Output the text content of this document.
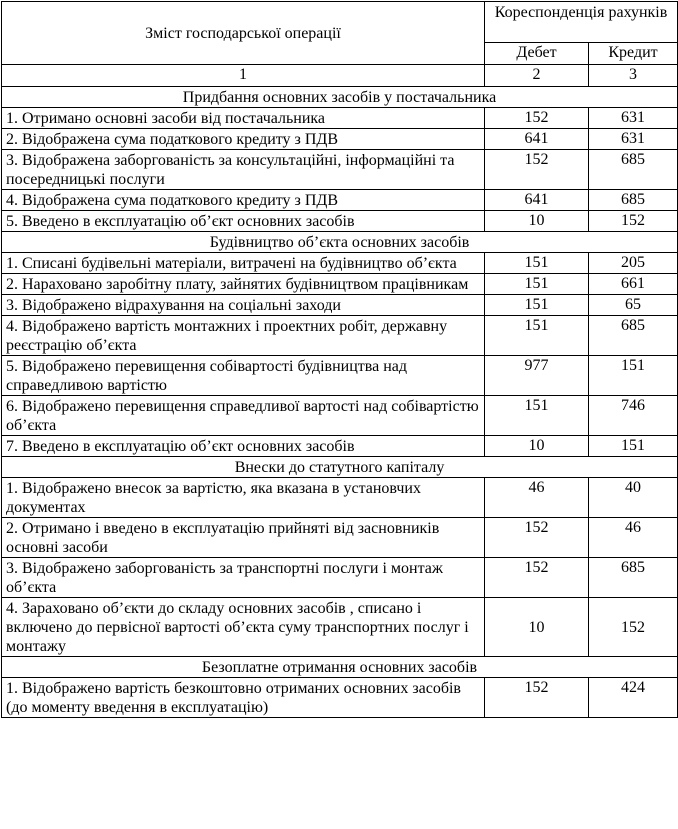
Зміст господарської операції	Кореспонденція рахунків	
	Дебет	Кредит
1	2	3
Придбання основних засобів у постачальника		
1. Отримано основні засоби від постачальника	152	631
2. Відображена сума податкового кредиту з ПДВ	641	631
3. Відображена заборгованість за консультаційні, інформаційні та посередницькі послуги	152	685
4. Відображена сума податкового кредиту з ПДВ	641	685
5. Введено в експлуатацію об’єкт основних засобів	10	152
Будівництво об’єкта основних засобів		
1. Списані будівельні матеріали, витрачені на будівництво об’єкта	151	205
2. Нараховано заробітну плату, зайнятих будівництвом працівникам	151	661
3. Відображено відрахування на соціальні заходи	151	65
4. Відображено вартість монтажних і проектних робіт, державну реєстрацію об’єкта	151	685
5. Відображено перевищення собівартості будівництва над справедливою вартістю	977	151
6. Відображено перевищення справедливої вартості над собівартістю об’єкта	151	746
7. Введено в експлуатацію об’єкт основних засобів	10	151
Внески до статутного капіталу		
1. Відображено внесок за вартістю, яка вказана в установчих документах	46	40
2. Отримано і введено в експлуатацію прийняті від засновників основні засоби	152	46
3. Відображено заборгованість за транспортні послуги і монтаж об’єкта	152	685
4. Зараховано об’єкти до складу основних засобів , списано і включено до первісної вартості об’єкта суму транспортних послуг і монтажу	10	152
Безоплатне отримання основних засобів		
1. Відображено вартість безкоштовно отриманих основних засобів (до моменту введення в експлуатацію)	152	424
